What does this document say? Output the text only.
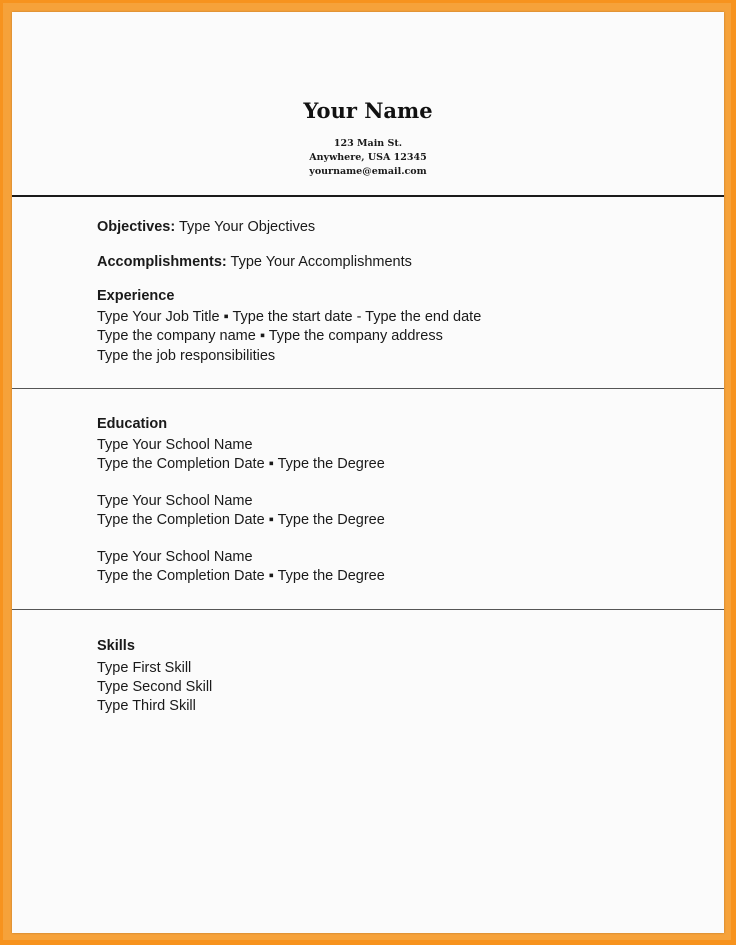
Your Name
123 Main St.
Anywhere, USA 12345
yourname@email.com
Objectives: Type Your Objectives
Accomplishments: Type Your Accomplishments
Experience
Type Your Job Title ▪ Type the start date - Type the end date
Type the company name ▪ Type the company address
Type the job responsibilities
Education
Type Your School Name
Type the Completion Date ▪ Type the Degree
Type Your School Name
Type the Completion Date ▪ Type the Degree
Type Your School Name
Type the Completion Date ▪ Type the Degree
Skills
Type First Skill
Type Second Skill
Type Third Skill
